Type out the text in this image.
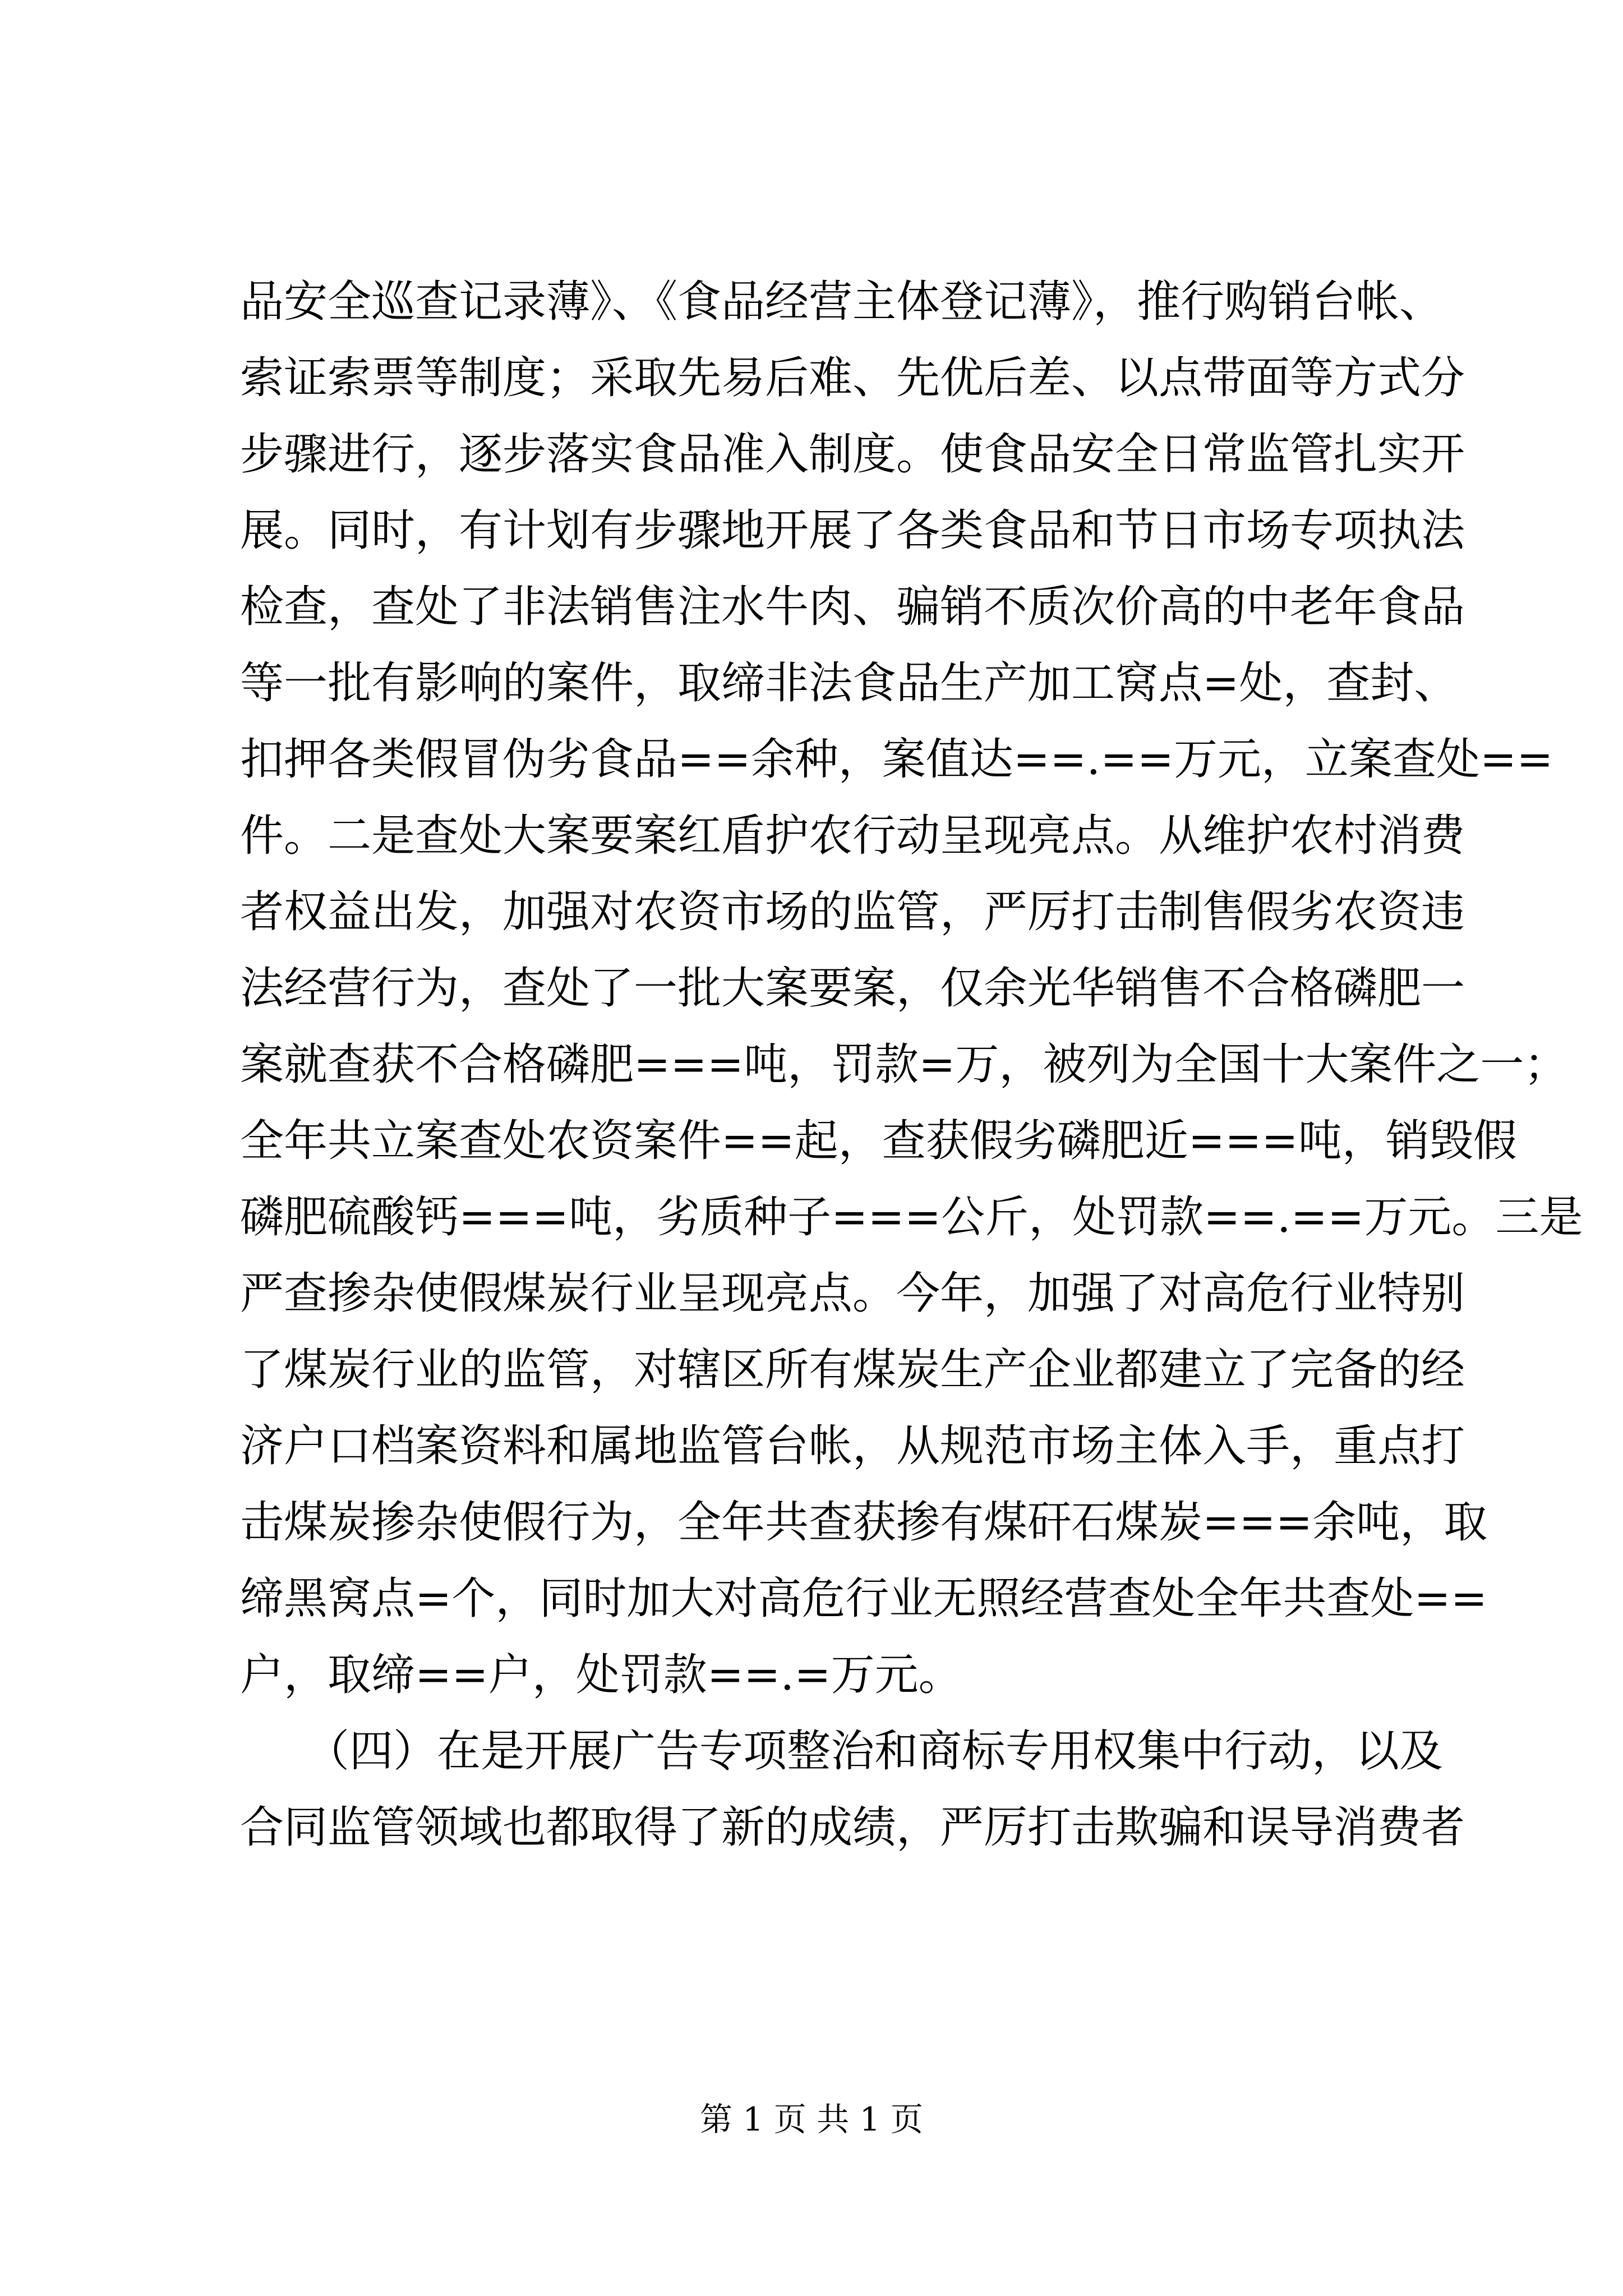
品安全巡查记录薄》、《食品经营主体登记薄》，推行购销台帐、
索证索票等制度；采取先易后难、先优后差、以点带面等方式分
步骤进行，逐步落实食品准入制度。使食品安全日常监管扎实开
展。同时，有计划有步骤地开展了各类食品和节日市场专项执法
检查，查处了非法销售注水牛肉、骗销不质次价高的中老年食品
等一批有影响的案件，取缔非法食品生产加工窝点=处，查封、
扣押各类假冒伪劣食品==余种，案值达==.==万元，立案查处==
件。二是查处大案要案红盾护农行动呈现亮点。从维护农村消费
者权益出发，加强对农资市场的监管，严厉打击制售假劣农资违
法经营行为，查处了一批大案要案，仅余光华销售不合格磷肥一
案就查获不合格磷肥===吨，罚款=万，被列为全国十大案件之一；
全年共立案查处农资案件==起，查获假劣磷肥近===吨，销毁假
磷肥硫酸钙===吨，劣质种子===公斤，处罚款==.==万元。三是
严查掺杂使假煤炭行业呈现亮点。今年，加强了对高危行业特别
了煤炭行业的监管，对辖区所有煤炭生产企业都建立了完备的经
济户口档案资料和属地监管台帐，从规范市场主体入手，重点打
击煤炭掺杂使假行为，全年共查获掺有煤矸石煤炭===余吨，取
缔黑窝点=个，同时加大对高危行业无照经营查处全年共查处==
户，取缔==户，处罚款==.=万元。
　　（四）在是开展广告专项整治和商标专用权集中行动，以及
合同监管领域也都取得了新的成绩，严厉打击欺骗和误导消费者
第 1 页 共 1 页
